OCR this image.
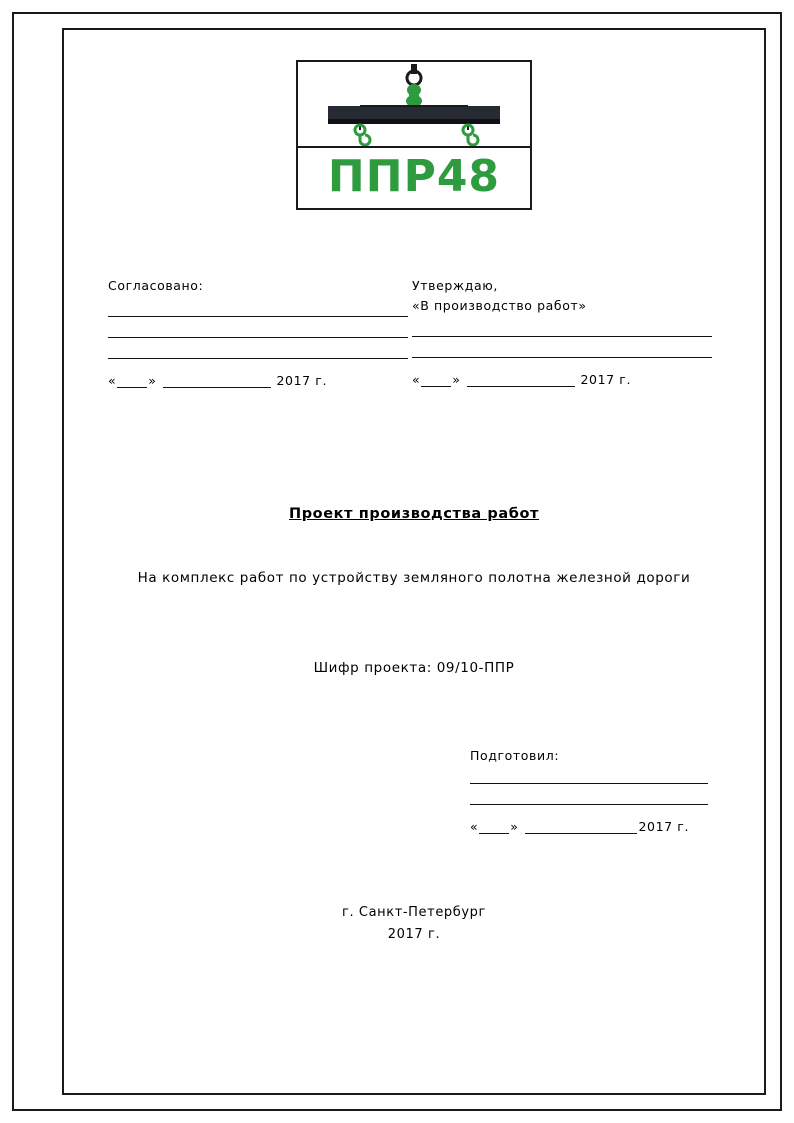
ППР48
Согласовано:
«	»	2017 г.
Утверждаю,
«В производство работ»
«	»	2017 г.
Проект производства работ
На комплекс работ по устройству земляного полотна железной дороги
Шифр проекта: 09/10-ППР
Подготовил:
«	»	2017 г.
г. Санкт-Петербург
2017 г.
